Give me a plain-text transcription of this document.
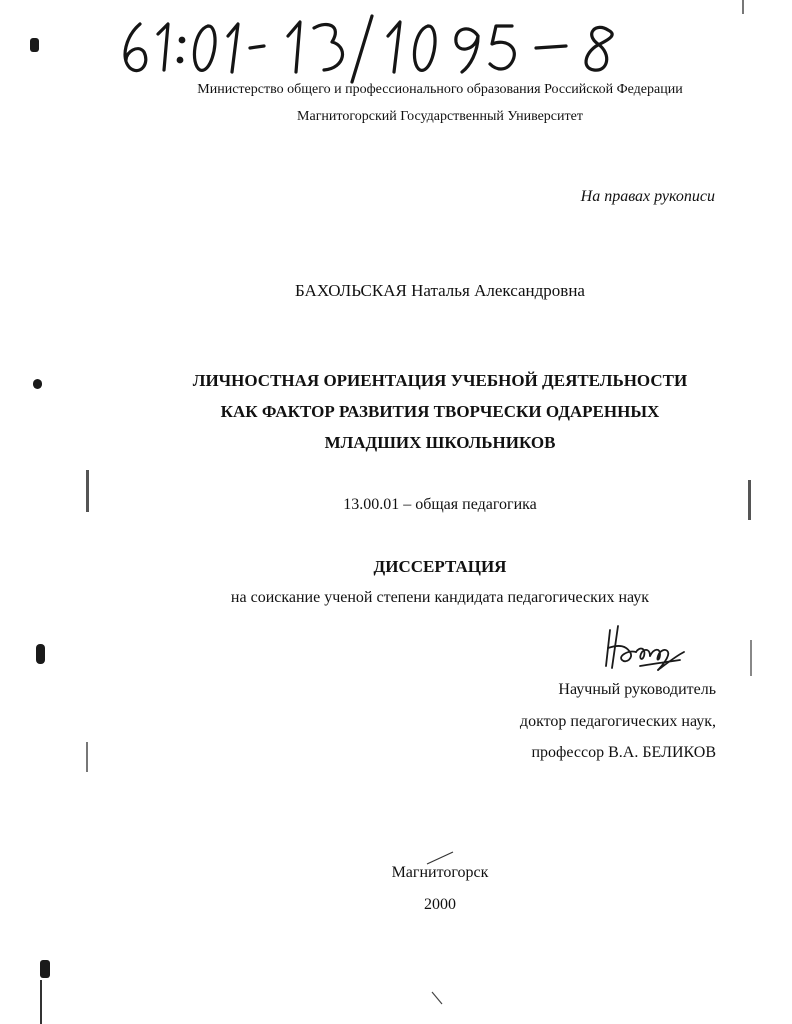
Министерство общего и профессионального образования Российской Федерации

Магнитогорский Государственный Университет

На правах рукописи

БАХОЛЬСКАЯ Наталья Александровна

ЛИЧНОСТНАЯ ОРИЕНТАЦИЯ УЧЕБНОЙ ДЕЯТЕЛЬНОСТИ

КАК ФАКТОР РАЗВИТИЯ ТВОРЧЕСКИ ОДАРЕННЫХ

МЛАДШИХ ШКОЛЬНИКОВ

13.00.01 – общая педагогика

ДИССЕРТАЦИЯ

на соискание ученой степени кандидата педагогических наук

Научный руководитель

доктор педагогических наук,

профессор В.А. БЕЛИКОВ

Магнитогорск

2000
